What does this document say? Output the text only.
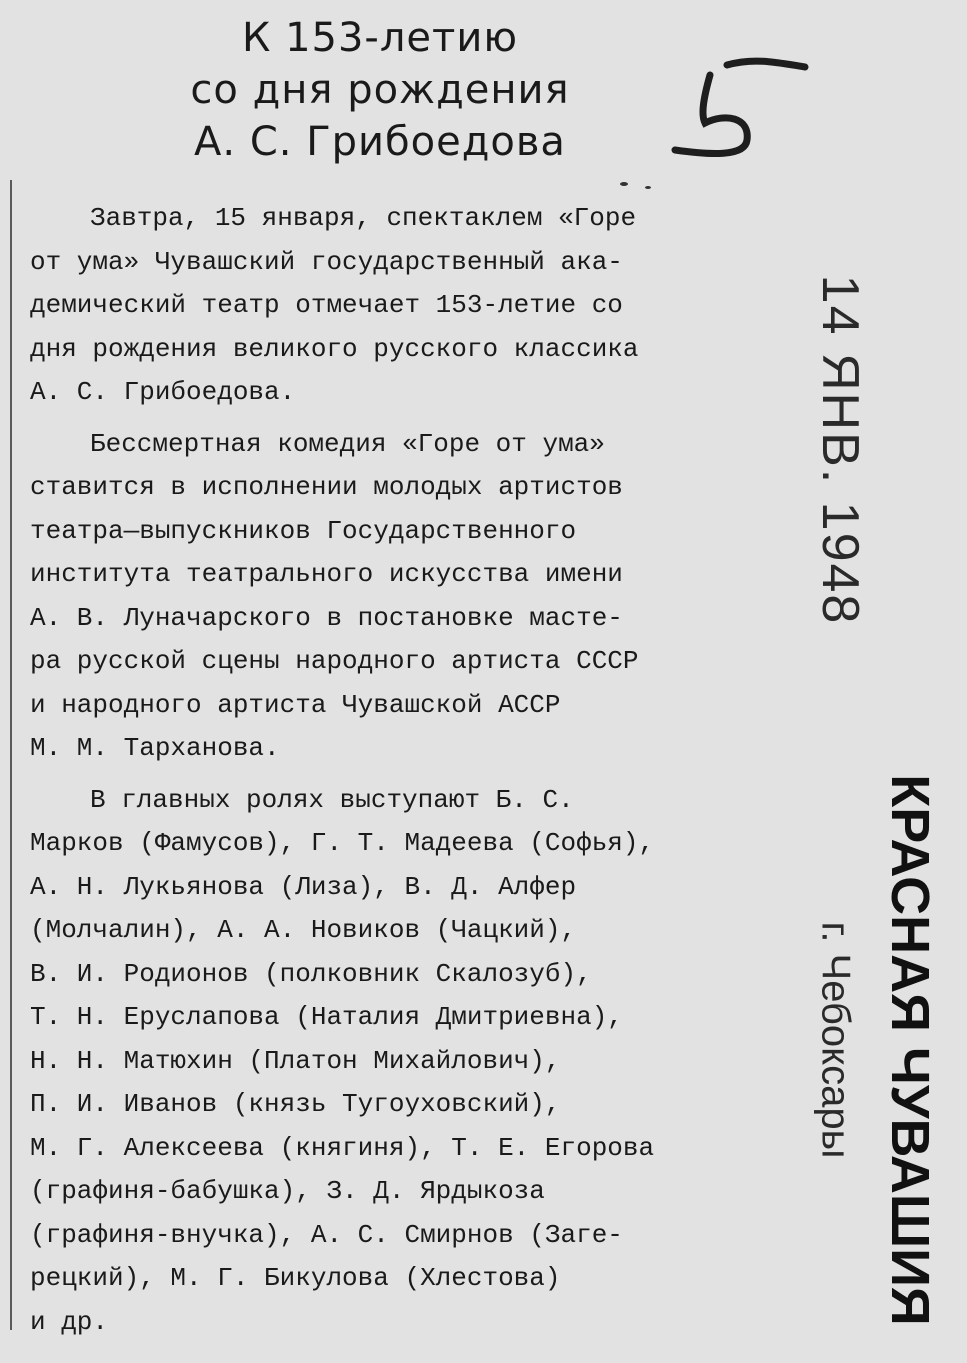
К 153-летию
со дня рождения
А. С. Грибоедова

Завтра, 15 января, спектаклем «Горе
от ума» Чувашский государственный ака-
демический театр отмечает 153-летие со
дня рождения великого русского классика
А. С. Грибоедова.

Бессмертная комедия «Горе от ума»
ставится в исполнении молодых артистов
театра—выпускников Государственного
института театрального искусства имени
А. В. Луначарского в постановке масте-
ра русской сцены народного артиста СССР
и народного артиста Чувашской АССР
М. М. Тарханова.

В главных ролях выступают Б. С.
Марков (Фамусов), Г. Т. Мадеева (Софья),
А. Н. Лукьянова (Лиза), В. Д. Алфер
(Молчалин), А. А. Новиков (Чацкий),
В. И. Родионов (полковник Скалозуб),
Т. Н. Еруслапова (Наталия Дмитриевна),
Н. Н. Матюхин (Платон Михайлович),
П. И. Иванов (князь Тугоуховский),
М. Г. Алексеева (княгиня), Т. Е. Егорова
(графиня-бабушка), З. Д. Ярдыкоза
(графиня-внучка), А. С. Смирнов (Заге-
рецкий), М. Г. Бикулова (Хлестова)
и др.

14 ЯНВ. 1948
г. Чебоксары КРАСНАЯ ЧУВАШИЯ
